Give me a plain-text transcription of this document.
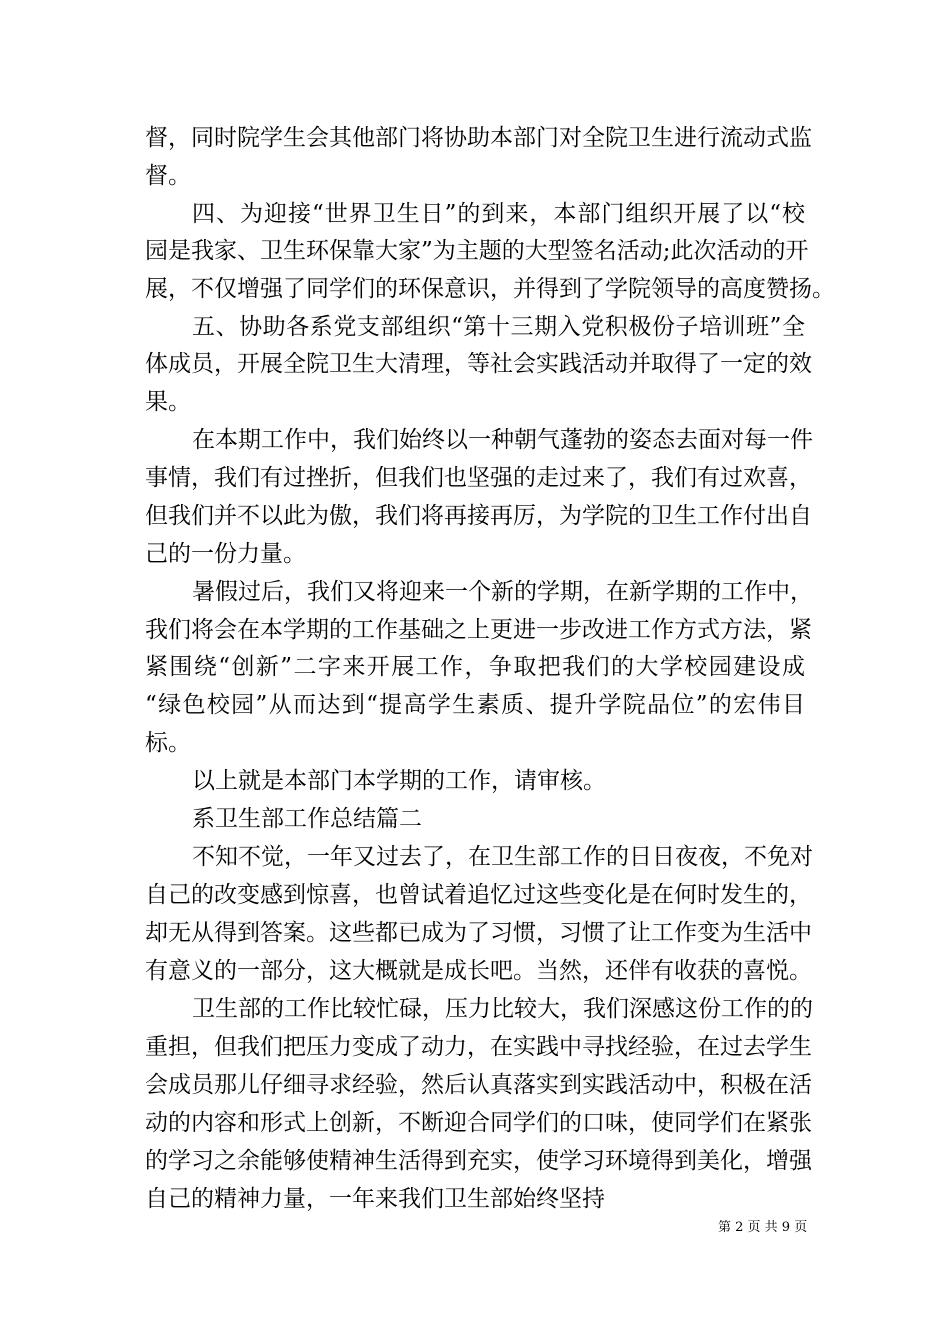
督，同时院学生会其他部门将协助本部门对全院卫生进行流动式监
督。
四、为迎接“世界卫生日”的到来，本部门组织开展了以“校
园是我家、卫生环保靠大家”为主题的大型签名活动;此次活动的开
展，不仅增强了同学们的环保意识，并得到了学院领导的高度赞扬。
五、协助各系党支部组织“第十三期入党积极份子培训班”全
体成员，开展全院卫生大清理，等社会实践活动并取得了一定的效
果。
在本期工作中，我们始终以一种朝气蓬勃的姿态去面对每一件
事情，我们有过挫折，但我们也坚强的走过来了，我们有过欢喜，
但我们并不以此为傲，我们将再接再厉，为学院的卫生工作付出自
己的一份力量。
暑假过后，我们又将迎来一个新的学期，在新学期的工作中，
我们将会在本学期的工作基础之上更进一步改进工作方式方法，紧
紧围绕“创新”二字来开展工作，争取把我们的大学校园建设成
“绿色校园”从而达到“提高学生素质、提升学院品位”的宏伟目
标。
以上就是本部门本学期的工作，请审核。
系卫生部工作总结篇二
不知不觉，一年又过去了，在卫生部工作的日日夜夜，不免对
自己的改变感到惊喜，也曾试着追忆过这些变化是在何时发生的，
却无从得到答案。这些都已成为了习惯，习惯了让工作变为生活中
有意义的一部分，这大概就是成长吧。当然，还伴有收获的喜悦。
卫生部的工作比较忙碌，压力比较大，我们深感这份工作的的
重担，但我们把压力变成了动力，在实践中寻找经验，在过去学生
会成员那儿仔细寻求经验，然后认真落实到实践活动中，积极在活
动的内容和形式上创新，不断迎合同学们的口味，使同学们在紧张
的学习之余能够使精神生活得到充实，使学习环境得到美化，增强
自己的精神力量，一年来我们卫生部始终坚持
第 2 页 共 9 页
